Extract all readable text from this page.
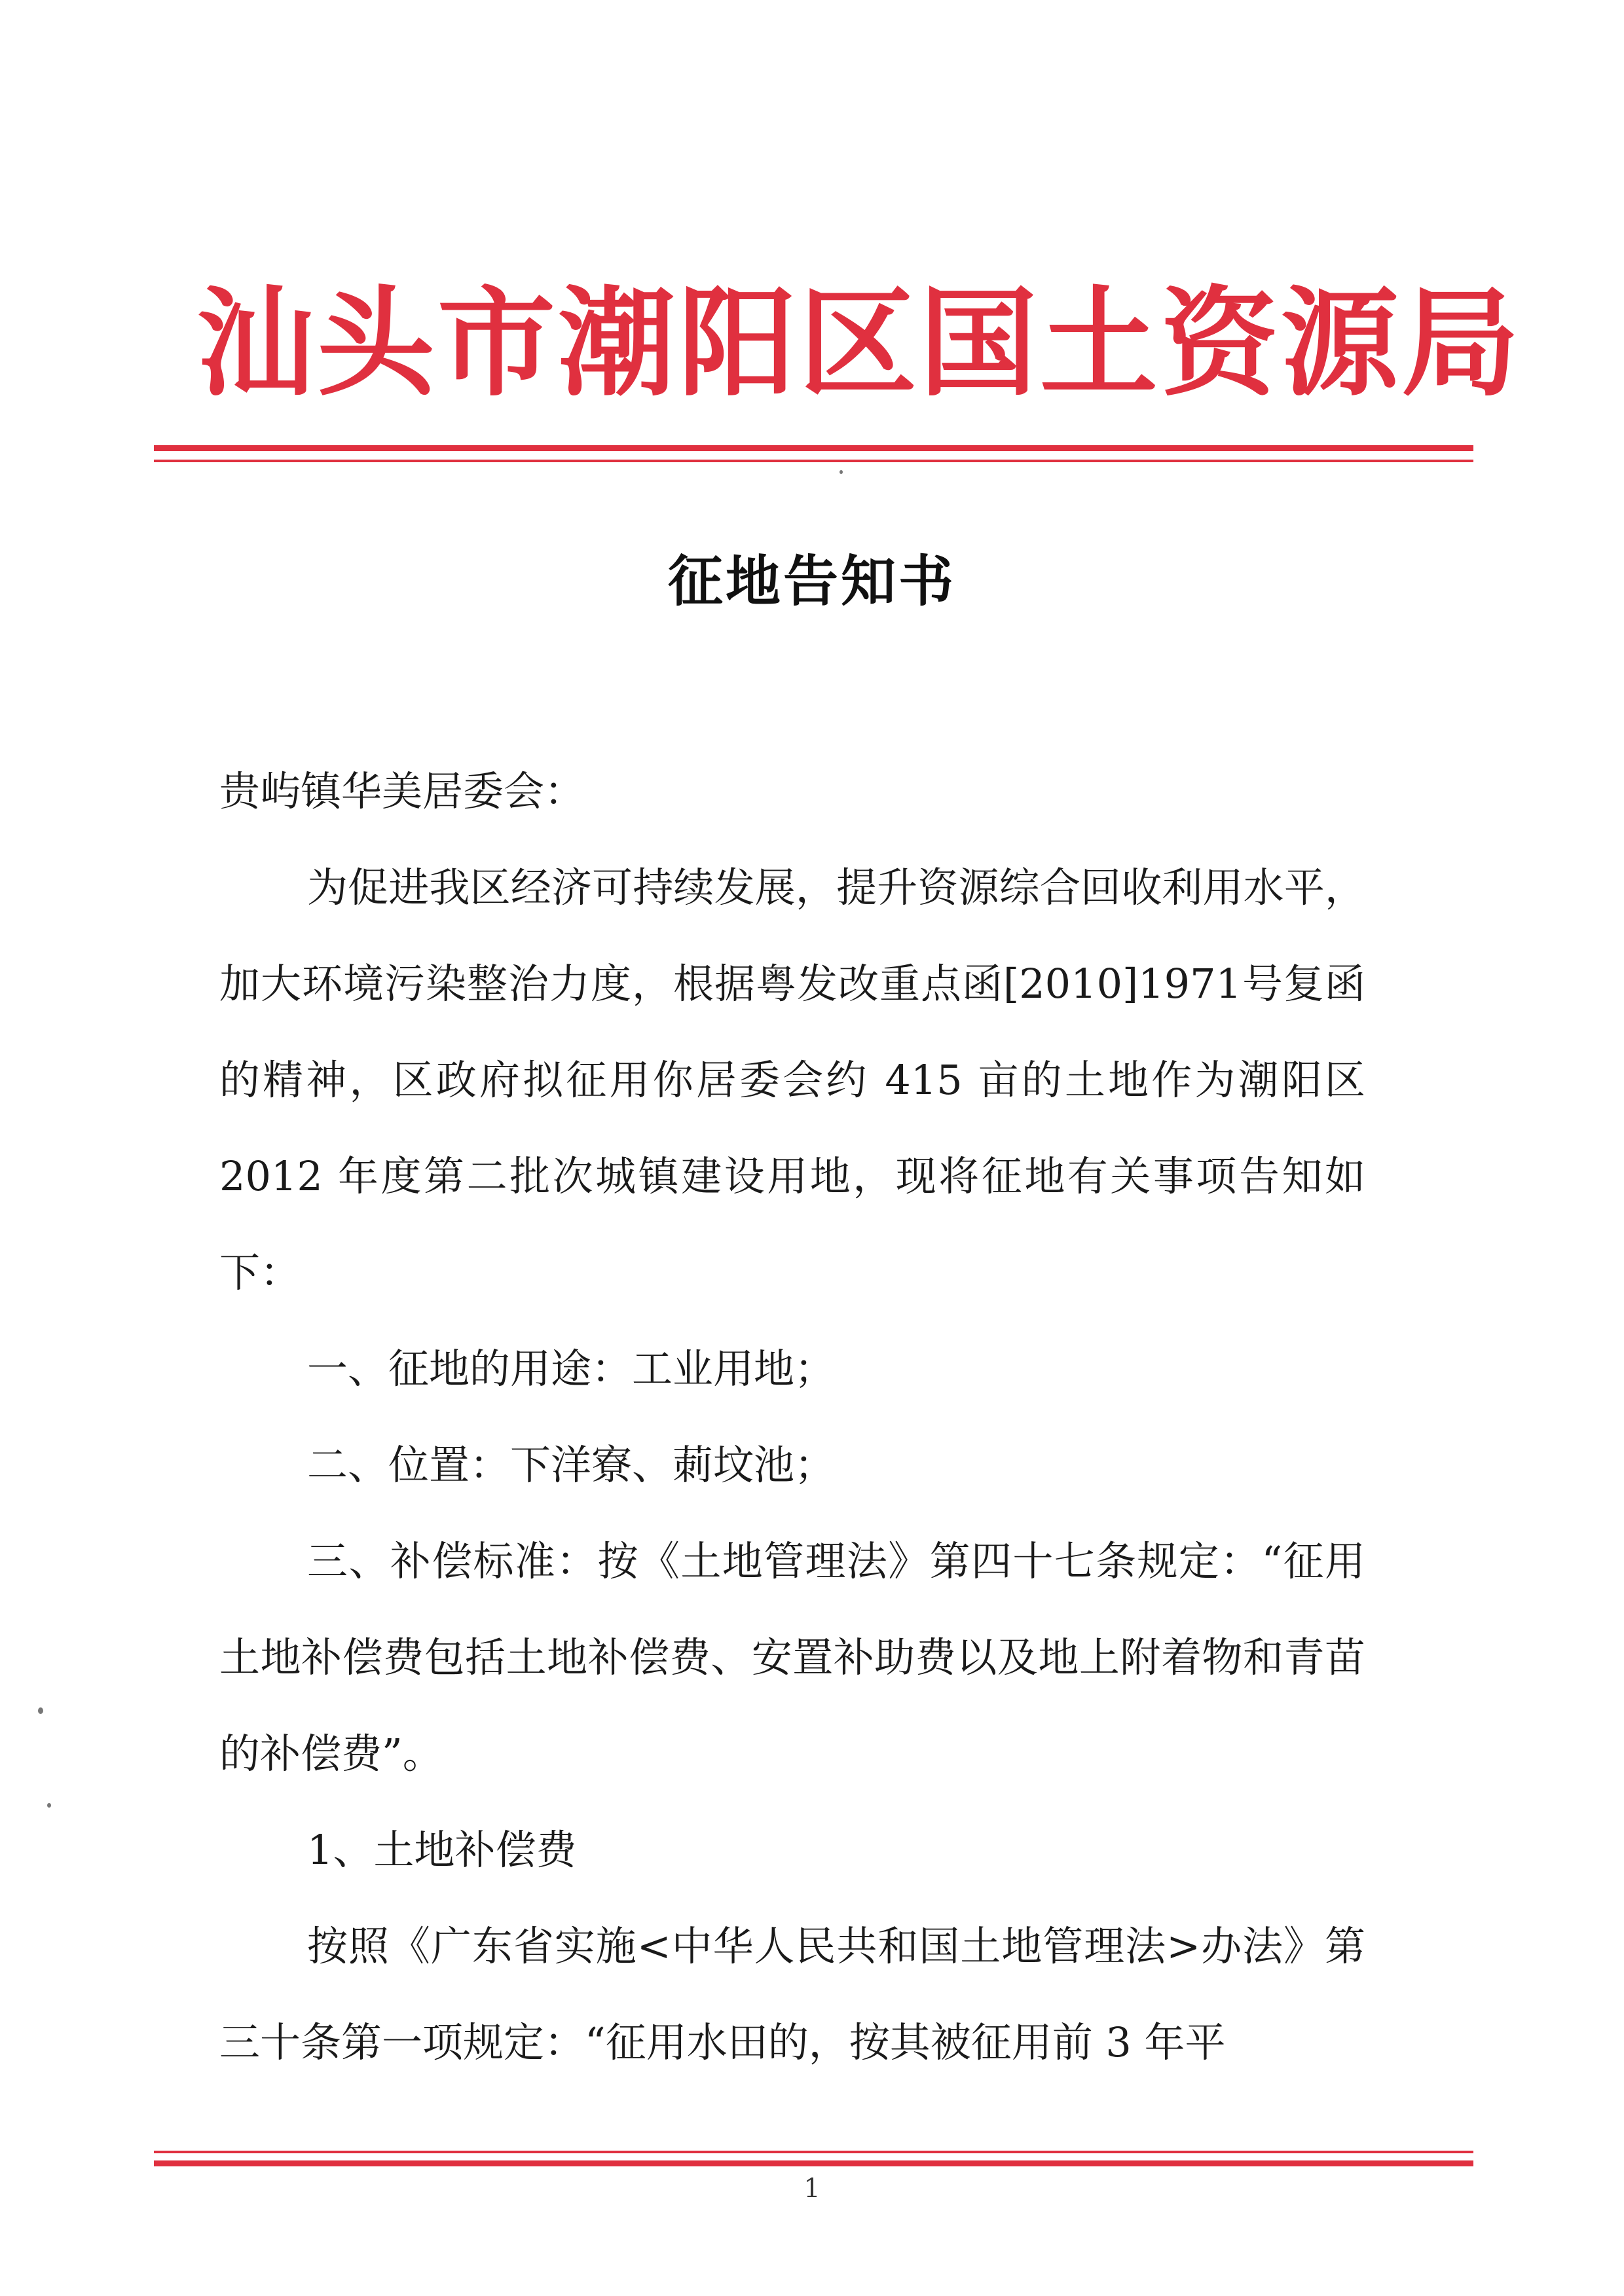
汕头市潮阳区国土资源局
征地告知书

贵屿镇华美居委会：

为促进我区经济可持续发展，提升资源综合回收利用水平，加大环境污染整治力度，根据粤发改重点函[2010]1971号复函的精神，区政府拟征用你居委会约 415 亩的土地作为潮阳区 2012 年度第二批次城镇建设用地，现将征地有关事项告知如下：

一、征地的用途：工业用地；

二、位置：下洋寮、莿坟池；

三、补偿标准：按《土地管理法》第四十七条规定：“征用土地补偿费包括土地补偿费、安置补助费以及地上附着物和青苗的补偿费”。

1、土地补偿费

按照《广东省实施<中华人民共和国土地管理法>办法》第三十条第一项规定：“征用水田的，按其被征用前 3 年平

1
